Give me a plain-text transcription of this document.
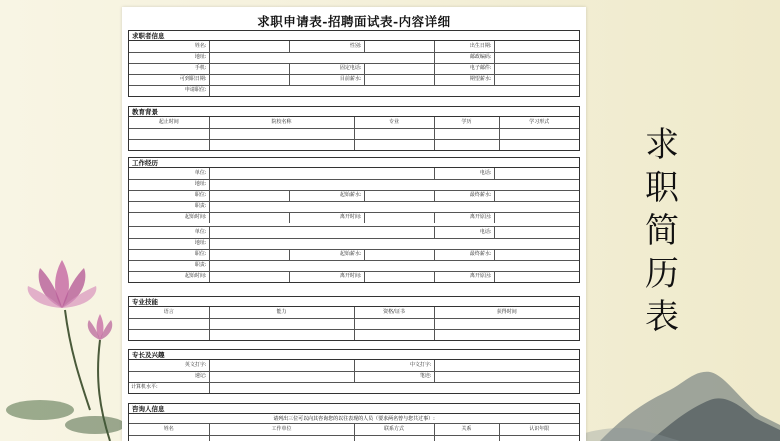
求职申请表-招聘面试表-内容详细
求职者信息
姓名:		性别:		出生日期:	
地址:				邮政编码:	
手机:		固定电话:		电子邮件:	
可到职日期:		目前薪水:		期望薪水:	
申请职位:					
教育背景
起止时间	院校名称	专业	学历	学习形式

工作经历
单位:				电话:	
地址:					
职位:		起始薪水:		最终薪水:	
职责:					
起始时间:		离开时间:		离开原因:	
单位:				电话:	
地址:					
职位:		起始薪水:		最终薪水:	
职责:					
起始时间:		离开时间:		离开原因:	
专业技能
语言	能力	资格/证书	获得时间

专长及兴趣
英文打字:		中文打字:	
速记:		笔迹:	
计算机水平:			
咨询人信息
请列出三位可以向其咨询您的以往表现的人员（要求两名曾与您共过事）:
姓名	工作单位	联系方式	关系	认识年限

求
职
简
历
表
